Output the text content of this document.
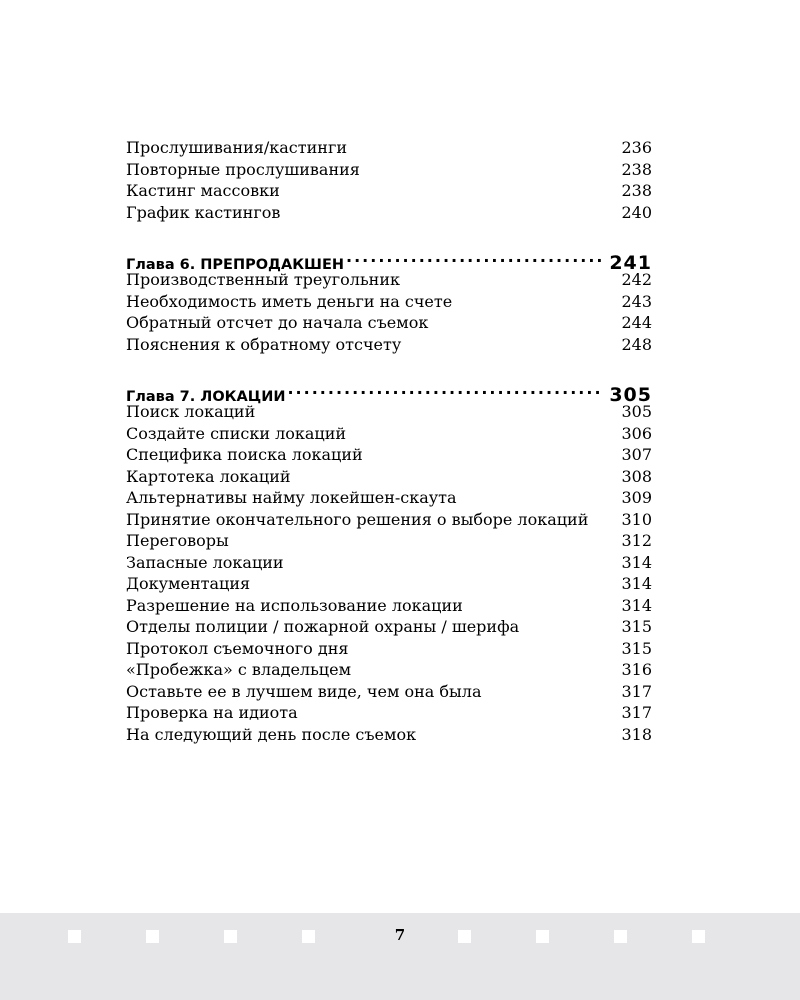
Прослушивания/кастинги	236
Повторные прослушивания	238
Кастинг массовки	238
График кастингов	240
Глава 6. ПРЕПРОДАКШЕН .....	241
Производственный треугольник	242
Необходимость иметь деньги на счете	243
Обратный отсчет до начала съемок	244
Пояснения к обратному отсчету	248
Глава 7. ЛОКАЦИИ .....	305
Поиск локаций	305
Создайте списки локаций	306
Специфика поиска локаций	307
Картотека локаций	308
Альтернативы найму локейшен-скаута	309
Принятие окончательного решения о выборе локаций 310
Переговоры	312
Запасные локации	314
Документация	314
Разрешение на использование локации	314
Отделы полиции / пожарной охраны / шерифа	315
Протокол съемочного дня	315
«Пробежка» с владельцем	316
Оставьте ее в лучшем виде, чем она была	317
Проверка на идиота	317
На следующий день после съемок	318
7
